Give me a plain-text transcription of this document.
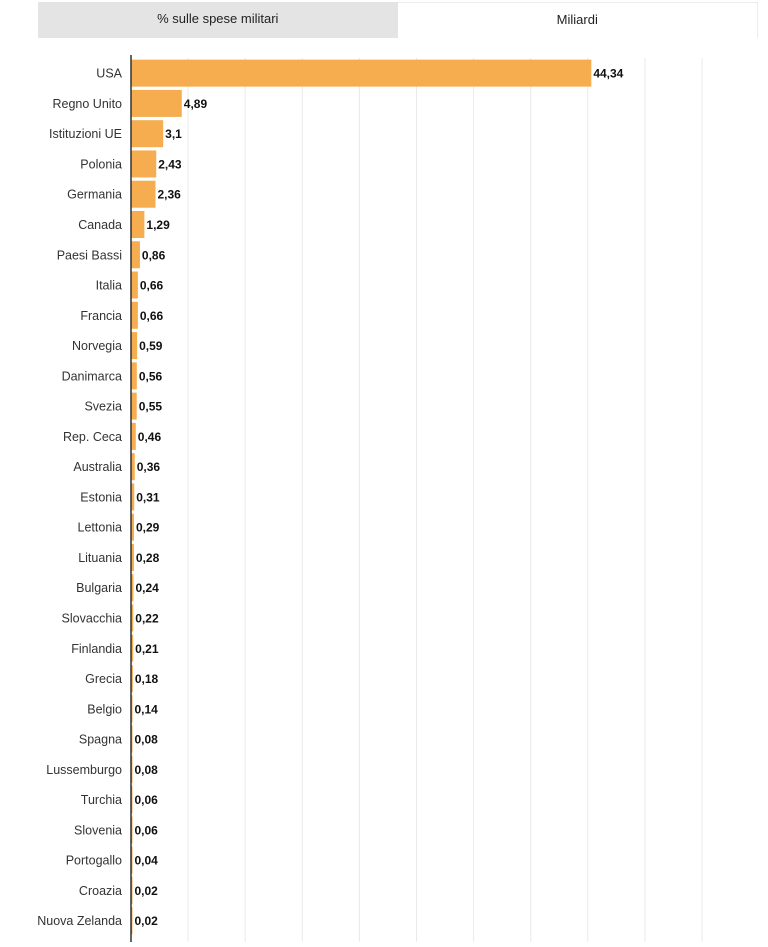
% sulle spese militari	Miliardi
USA	44,34
Regno Unito	4,89
Istituzioni UE	3,1
Polonia	2,43
Germania	2,36
Canada 1,29
Paesi Bassi 0,86
Italia 0,66
Francia 0,66
Norvegia 0,59
Danimarca 0,56
Svezia 0,55
Rep. Ceca 0,46
Australia 0,36
Estonia 0,31
Lettonia 0,29
Lituania 0,28
Bulgaria 0,24
Slovacchia 0,22
Finlandia 0,21
Grecia 0,18
Belgio 0,14
Spagna 0,08
Lussemburgo 0,08
Turchia 0,06
Slovenia 0,06
Portogallo 0,04
Croazia 0,02
Nuova Zelanda 0,02
